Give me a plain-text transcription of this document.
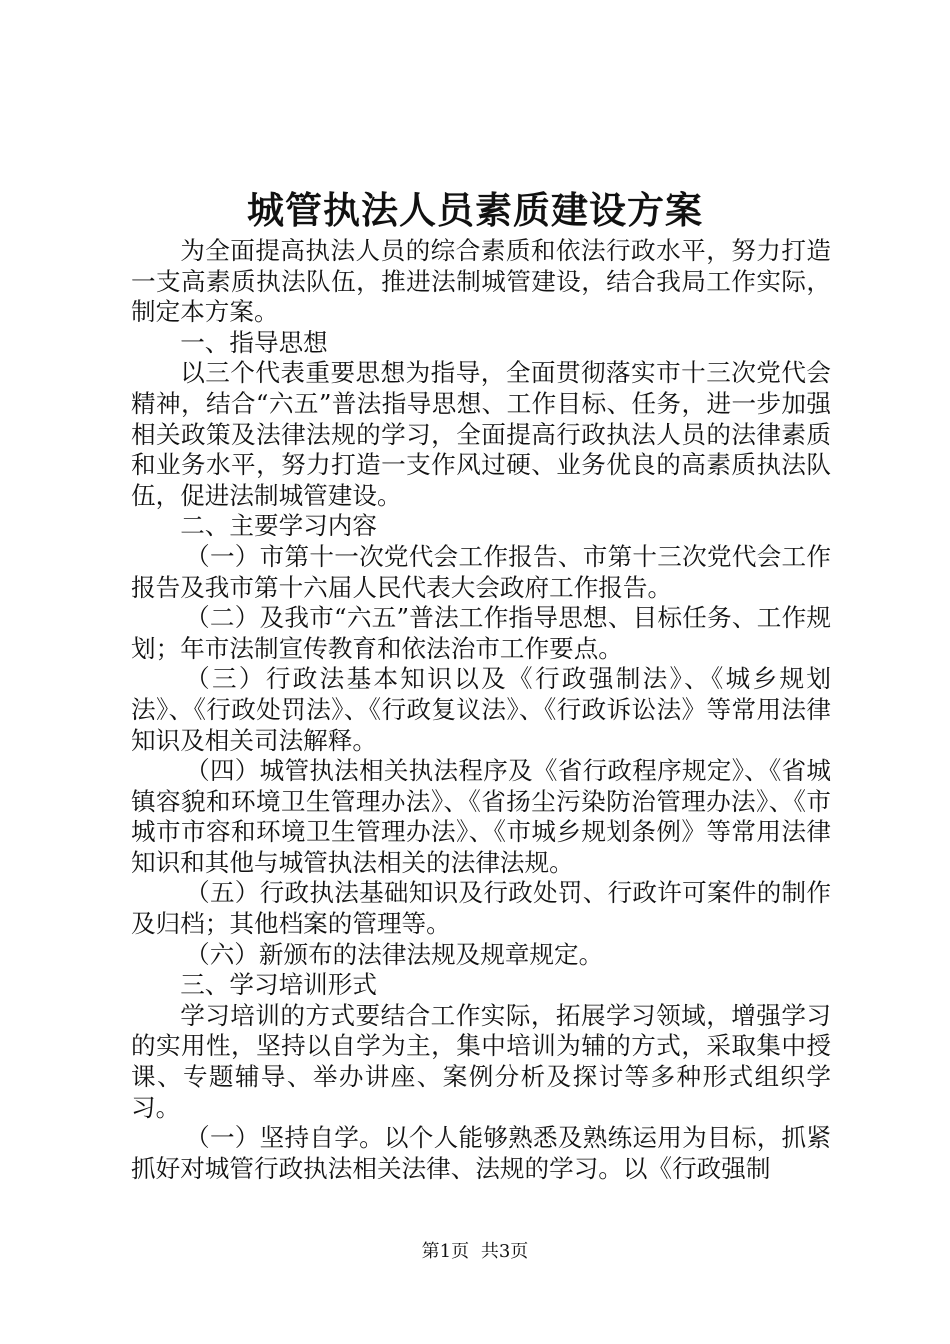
城管执法人员素质建设方案

为全面提高执法人员的综合素质和依法行政水平，努力打造一支高素质执法队伍，推进法制城管建设，结合我局工作实际，制定本方案。

一、指导思想

以三个代表重要思想为指导，全面贯彻落实市十三次党代会精神，结合“六五”普法指导思想、工作目标、任务，进一步加强相关政策及法律法规的学习，全面提高行政执法人员的法律素质和业务水平，努力打造一支作风过硬、业务优良的高素质执法队伍，促进法制城管建设。

二、主要学习内容

（一）市第十一次党代会工作报告、市第十三次党代会工作报告及我市第十六届人民代表大会政府工作报告。

（二）及我市“六五”普法工作指导思想、目标任务、工作规划；年市法制宣传教育和依法治市工作要点。

（三）行政法基本知识以及《行政强制法》、《城乡规划法》、《行政处罚法》、《行政复议法》、《行政诉讼法》等常用法律知识及相关司法解释。

（四）城管执法相关执法程序及《省行政程序规定》、《省城镇容貌和环境卫生管理办法》、《省扬尘污染防治管理办法》、《市城市市容和环境卫生管理办法》、《市城乡规划条例》等常用法律知识和其他与城管执法相关的法律法规。

（五）行政执法基础知识及行政处罚、行政许可案件的制作及归档；其他档案的管理等。

（六）新颁布的法律法规及规章规定。

三、学习培训形式

学习培训的方式要结合工作实际，拓展学习领域，增强学习的实用性，坚持以自学为主，集中培训为辅的方式，采取集中授课、专题辅导、举办讲座、案例分析及探讨等多种形式组织学习。

（一）坚持自学。以个人能够熟悉及熟练运用为目标，抓紧抓好对城管行政执法相关法律、法规的学习。以《行政强制

第1页 共3页
